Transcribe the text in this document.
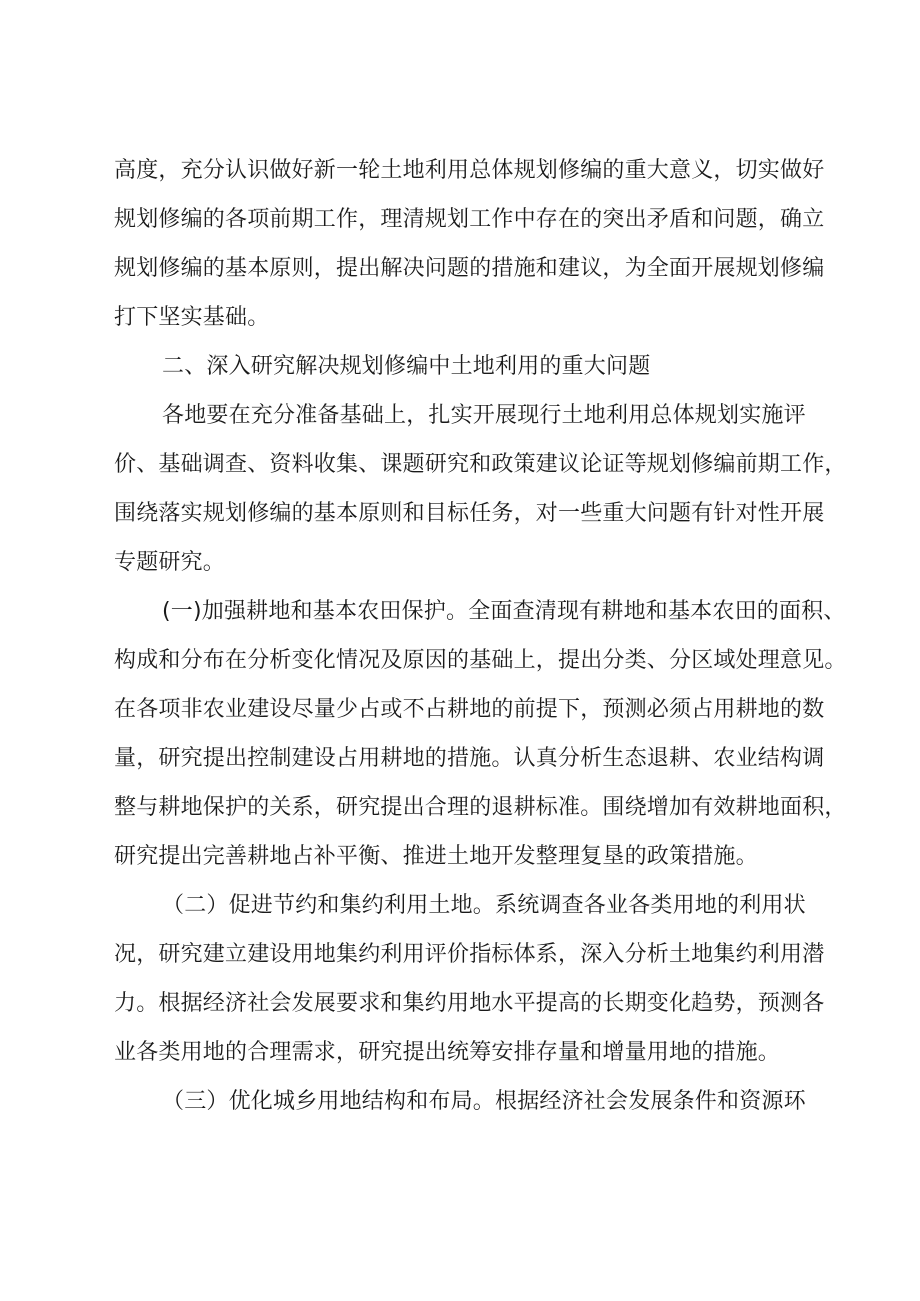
高度，充分认识做好新一轮土地利用总体规划修编的重大意义，切实做好
规划修编的各项前期工作，理清规划工作中存在的突出矛盾和问题，确立
规划修编的基本原则，提出解决问题的措施和建议，为全面开展规划修编
打下坚实基础。
二、深入研究解决规划修编中土地利用的重大问题
各地要在充分准备基础上，扎实开展现行土地利用总体规划实施评
价、基础调查、资料收集、课题研究和政策建议论证等规划修编前期工作，
围绕落实规划修编的基本原则和目标任务，对一些重大问题有针对性开展
专题研究。
(一)加强耕地和基本农田保护。全面查清现有耕地和基本农田的面积、
构成和分布在分析变化情况及原因的基础上，提出分类、分区域处理意见。
在各项非农业建设尽量少占或不占耕地的前提下，预测必须占用耕地的数
量，研究提出控制建设占用耕地的措施。认真分析生态退耕、农业结构调
整与耕地保护的关系，研究提出合理的退耕标准。围绕增加有效耕地面积，
研究提出完善耕地占补平衡、推进土地开发整理复垦的政策措施。
（二）促进节约和集约利用土地。系统调查各业各类用地的利用状
况，研究建立建设用地集约利用评价指标体系，深入分析土地集约利用潜
力。根据经济社会发展要求和集约用地水平提高的长期变化趋势，预测各
业各类用地的合理需求，研究提出统筹安排存量和增量用地的措施。
（三）优化城乡用地结构和布局。根据经济社会发展条件和资源环
